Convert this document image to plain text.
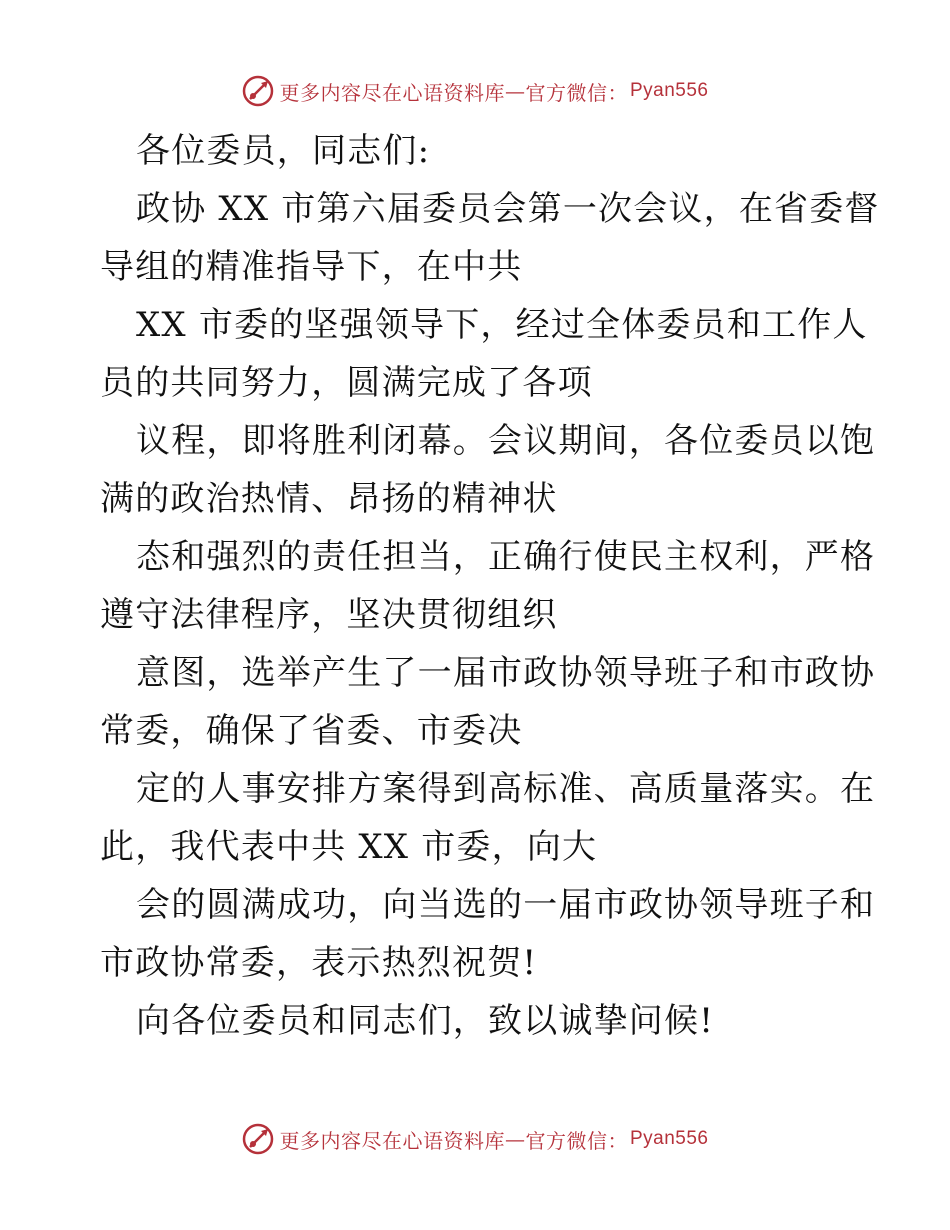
更多内容尽在心语资料库 — 官方微信： Pyan556
各位委员，同志们:
政协 XX 市第六届委员会第一次会议，在省委督
导组的精准指导下，在中共
XX 市委的坚强领导下，经过全体委员和工作人
员的共同努力，圆满完成了各项
议程，即将胜利闭幕。会议期间，各位委员以饱
满的政治热情、昂扬的精神状
态和强烈的责任担当，正确行使民主权利，严格
遵守法律程序，坚决贯彻组织
意图，选举产生了一届市政协领导班子和市政协
常委，确保了省委、市委决
定的人事安排方案得到高标准、高质量落实。在
此，我代表中共 XX 市委，向大
会的圆满成功，向当选的一届市政协领导班子和
市政协常委，表示热烈祝贺!
向各位委员和同志们，致以诚挚问候!
更多内容尽在心语资料库 — 官方微信： Pyan556
